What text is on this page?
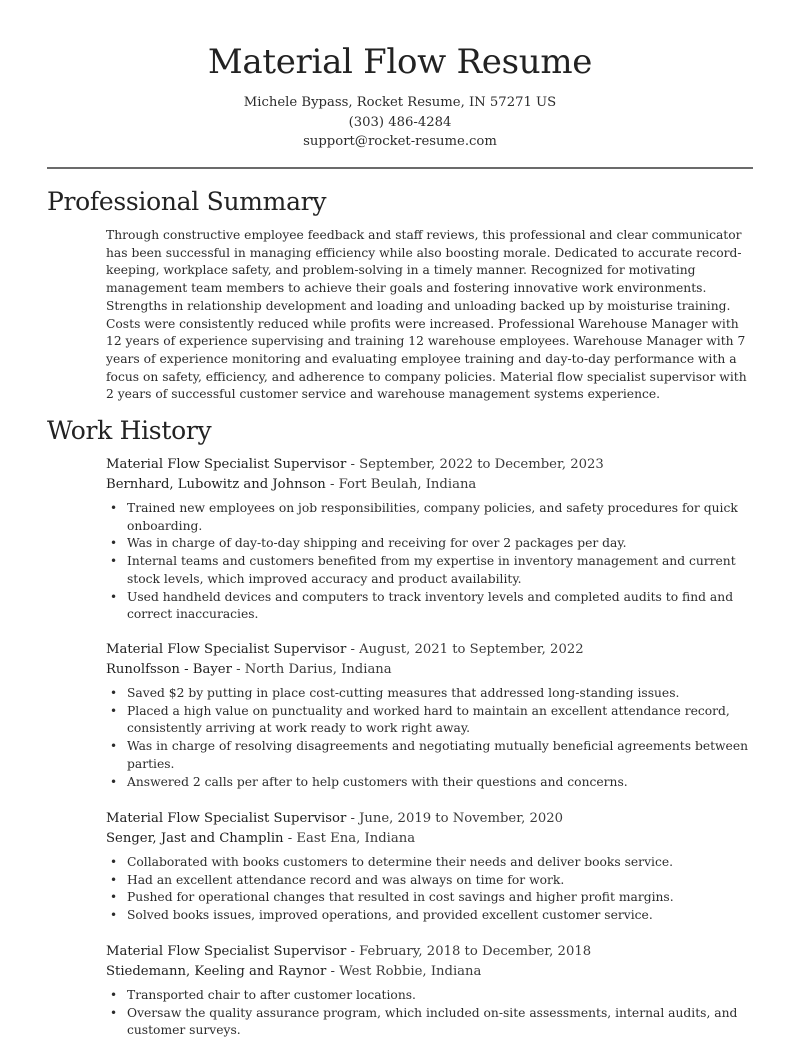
Material Flow Resume
Michele Bypass, Rocket Resume, IN 57271 US
(303) 486-4284
support@rocket-resume.com
Professional Summary

Through constructive employee feedback and staff reviews, this professional and clear communicator has been successful in managing efficiency while also boosting morale. Dedicated to accurate record-keeping, workplace safety, and problem-solving in a timely manner. Recognized for motivating management team members to achieve their goals and fostering innovative work environments. Strengths in relationship development and loading and unloading backed up by moisturise training. Costs were consistently reduced while profits were increased. Professional Warehouse Manager with 12 years of experience supervising and training 12 warehouse employees. Warehouse Manager with 7 years of experience monitoring and evaluating employee training and day-to-day performance with a focus on safety, efficiency, and adherence to company policies. Material flow specialist supervisor with 2 years of successful customer service and warehouse management systems experience.

Work History
Material Flow Specialist Supervisor - September, 2022 to December, 2023
Bernhard, Lubowitz and Johnson - Fort Beulah, Indiana
• Trained new employees on job responsibilities, company policies, and safety procedures for quick onboarding.
• Was in charge of day-to-day shipping and receiving for over 2 packages per day.
• Internal teams and customers benefited from my expertise in inventory management and current stock levels, which improved accuracy and product availability.
• Used handheld devices and computers to track inventory levels and completed audits to find and correct inaccuracies.
Material Flow Specialist Supervisor - August, 2021 to September, 2022
Runolfsson - Bayer - North Darius, Indiana
• Saved $2 by putting in place cost-cutting measures that addressed long-standing issues.
• Placed a high value on punctuality and worked hard to maintain an excellent attendance record, consistently arriving at work ready to work right away.
• Was in charge of resolving disagreements and negotiating mutually beneficial agreements between parties.
• Answered 2 calls per after to help customers with their questions and concerns.
Material Flow Specialist Supervisor - June, 2019 to November, 2020
Senger, Jast and Champlin - East Ena, Indiana
• Collaborated with books customers to determine their needs and deliver books service.
• Had an excellent attendance record and was always on time for work.
• Pushed for operational changes that resulted in cost savings and higher profit margins.
• Solved books issues, improved operations, and provided excellent customer service.
Material Flow Specialist Supervisor - February, 2018 to December, 2018
Stiedemann, Keeling and Raynor - West Robbie, Indiana
• Transported chair to after customer locations.
• Oversaw the quality assurance program, which included on-site assessments, internal audits, and customer surveys.
